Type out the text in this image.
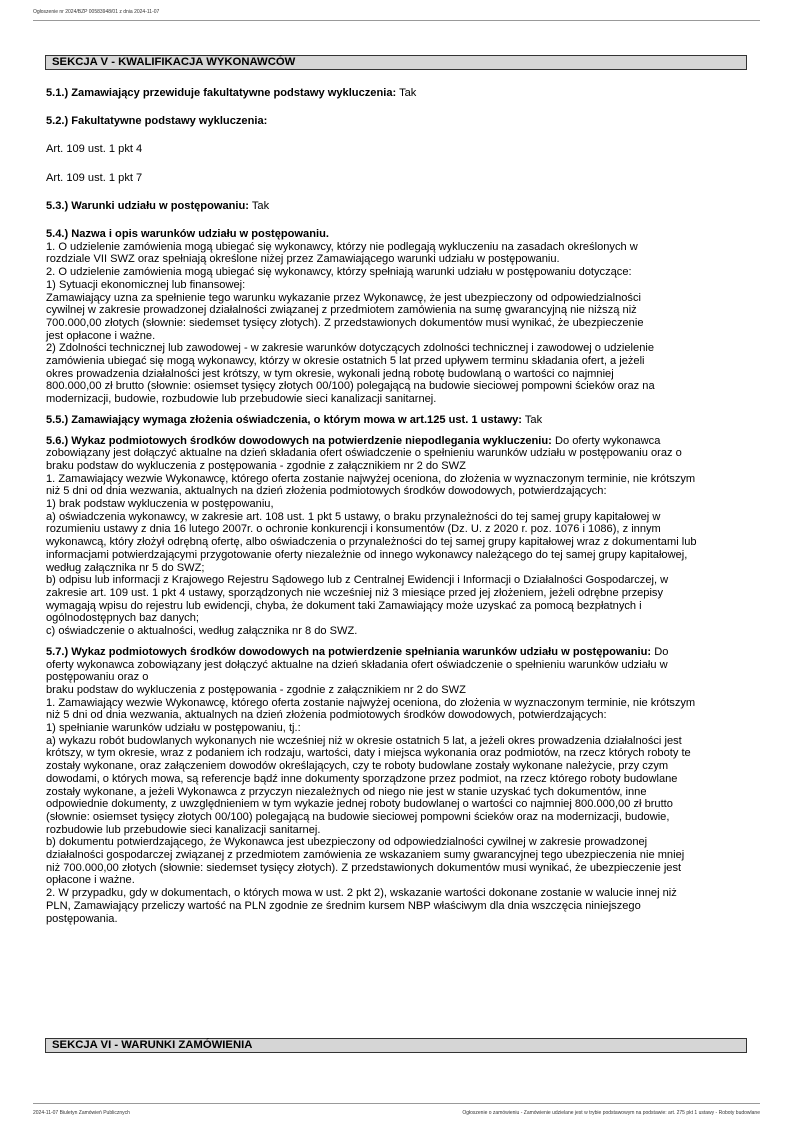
Ogłoszenie nr 2024/BZP 00583948/01 z dnia 2024-11-07
SEKCJA V - KWALIFIKACJA WYKONAWCÓW
5.1.) Zamawiający przewiduje fakultatywne podstawy wykluczenia: Tak
5.2.) Fakultatywne podstawy wykluczenia:
Art. 109 ust. 1 pkt 4
Art. 109 ust. 1 pkt 7
5.3.) Warunki udziału w postępowaniu: Tak
5.4.) Nazwa i opis warunków udziału w postępowaniu.
1. O udzielenie zamówienia mogą ubiegać się wykonawcy, którzy nie podlegają wykluczeniu na zasadach określonych w
rozdziale VII SWZ oraz spełniają określone niżej przez Zamawiającego warunki udziału w postępowaniu.
2. O udzielenie zamówienia mogą ubiegać się wykonawcy, którzy spełniają warunki udziału w postępowaniu dotyczące:
1) Sytuacji ekonomicznej lub finansowej:
Zamawiający uzna za spełnienie tego warunku wykazanie przez Wykonawcę, że jest ubezpieczony od odpowiedzialności
cywilnej w zakresie prowadzonej działalności związanej z przedmiotem zamówienia na sumę gwarancyjną nie niższą niż
700.000,00 złotych (słownie: siedemset tysięcy złotych). Z przedstawionych dokumentów musi wynikać, że ubezpieczenie
jest opłacone i ważne.
2) Zdolności technicznej lub zawodowej - w zakresie warunków dotyczących zdolności technicznej i zawodowej o udzielenie
zamówienia ubiegać się mogą wykonawcy, którzy w okresie ostatnich 5 lat przed upływem terminu składania ofert, a jeżeli
okres prowadzenia działalności jest krótszy, w tym okresie, wykonali jedną robotę budowlaną o wartości co najmniej
800.000,00 zł brutto (słownie: osiemset tysięcy złotych 00/100) polegającą na budowie sieciowej pompowni ścieków oraz na
modernizacji, budowie, rozbudowie lub przebudowie sieci kanalizacji sanitarnej.
5.5.) Zamawiający wymaga złożenia oświadczenia, o którym mowa w art.125 ust. 1 ustawy: Tak
5.6.) Wykaz podmiotowych środków dowodowych na potwierdzenie niepodlegania wykluczeniu: Do oferty wykonawca
zobowiązany jest dołączyć aktualne na dzień składania ofert oświadczenie o spełnieniu warunków udziału w postępowaniu oraz o
braku podstaw do wykluczenia z postępowania - zgodnie z załącznikiem nr 2 do SWZ
1. Zamawiający wezwie Wykonawcę, którego oferta zostanie najwyżej oceniona, do złożenia w wyznaczonym terminie, nie krótszym
niż 5 dni od dnia wezwania, aktualnych na dzień złożenia podmiotowych środków dowodowych, potwierdzających:
1) brak podstaw wykluczenia w postępowaniu,
a) oświadczenia wykonawcy, w zakresie art. 108 ust. 1 pkt 5 ustawy, o braku przynależności do tej samej grupy kapitałowej w
rozumieniu ustawy z dnia 16 lutego 2007r. o ochronie konkurencji i konsumentów (Dz. U. z 2020 r. poz. 1076 i 1086), z innym
wykonawcą, który złożył odrębną ofertę, albo oświadczenia o przynależności do tej samej grupy kapitałowej wraz z dokumentami lub
informacjami potwierdzającymi przygotowanie oferty niezależnie od innego wykonawcy należącego do tej samej grupy kapitałowej,
według załącznika nr 5 do SWZ;
b) odpisu lub informacji z Krajowego Rejestru Sądowego lub z Centralnej Ewidencji i Informacji o Działalności Gospodarczej, w
zakresie art. 109 ust. 1 pkt 4 ustawy, sporządzonych nie wcześniej niż 3 miesiące przed jej złożeniem, jeżeli odrębne przepisy
wymagają wpisu do rejestru lub ewidencji, chyba, że dokument taki Zamawiający może uzyskać za pomocą bezpłatnych i
ogólnodostępnych baz danych;
c) oświadczenie o aktualności, według załącznika nr 8 do SWZ.
5.7.) Wykaz podmiotowych środków dowodowych na potwierdzenie spełniania warunków udziału w postępowaniu: Do
oferty wykonawca zobowiązany jest dołączyć aktualne na dzień składania ofert oświadczenie o spełnieniu warunków udziału w
postępowaniu oraz o
braku podstaw do wykluczenia z postępowania - zgodnie z załącznikiem nr 2 do SWZ
1. Zamawiający wezwie Wykonawcę, którego oferta zostanie najwyżej oceniona, do złożenia w wyznaczonym terminie, nie krótszym
niż 5 dni od dnia wezwania, aktualnych na dzień złożenia podmiotowych środków dowodowych, potwierdzających:
1) spełnianie warunków udziału w postępowaniu, tj.:
a) wykazu robót budowlanych wykonanych nie wcześniej niż w okresie ostatnich 5 lat, a jeżeli okres prowadzenia działalności jest
krótszy, w tym okresie, wraz z podaniem ich rodzaju, wartości, daty i miejsca wykonania oraz podmiotów, na rzecz których roboty te
zostały wykonane, oraz załączeniem dowodów określających, czy te roboty budowlane zostały wykonane należycie, przy czym
dowodami, o których mowa, są referencje bądź inne dokumenty sporządzone przez podmiot, na rzecz którego roboty budowlane
zostały wykonane, a jeżeli Wykonawca z przyczyn niezależnych od niego nie jest w stanie uzyskać tych dokumentów, inne
odpowiednie dokumenty, z uwzględnieniem w tym wykazie jednej roboty budowlanej o wartości co najmniej 800.000,00 zł brutto
(słownie: osiemset tysięcy złotych 00/100) polegającą na budowie sieciowej pompowni ścieków oraz na modernizacji, budowie,
rozbudowie lub przebudowie sieci kanalizacji sanitarnej.
b) dokumentu potwierdzającego, że Wykonawca jest ubezpieczony od odpowiedzialności cywilnej w zakresie prowadzonej
działalności gospodarczej związanej z przedmiotem zamówienia ze wskazaniem sumy gwarancyjnej tego ubezpieczenia nie mniej
niż 700.000,00 złotych (słownie: siedemset tysięcy złotych). Z przedstawionych dokumentów musi wynikać, że ubezpieczenie jest
opłacone i ważne.
2. W przypadku, gdy w dokumentach, o których mowa w ust. 2 pkt 2), wskazanie wartości dokonane zostanie w walucie innej niż
PLN, Zamawiający przeliczy wartość na PLN zgodnie ze średnim kursem NBP właściwym dla dnia wszczęcia niniejszego
postępowania.
SEKCJA VI - WARUNKI ZAMÓWIENIA
2024-11-07 Biuletyn Zamówień Publicznych	Ogłoszenie o zamówieniu - Zamówienie udzielane jest w trybie podstawowym na podstawie: art. 275 pkt 1 ustawy - Roboty budowlane
